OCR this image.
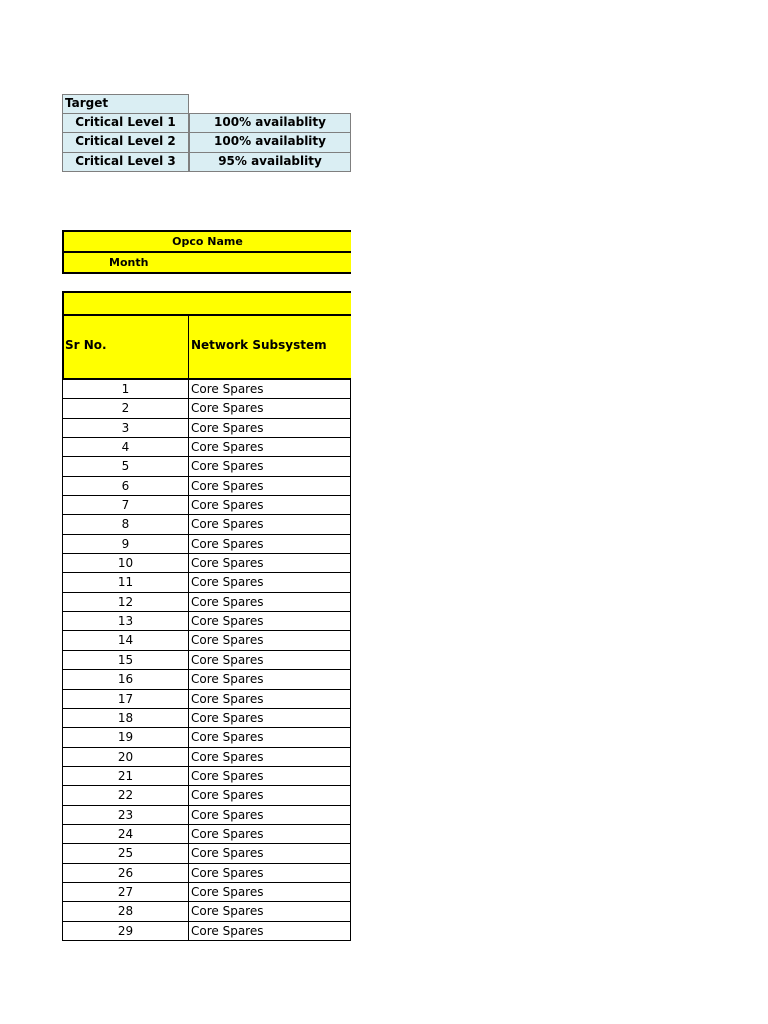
Target
Critical Level 1	100% availablity
Critical Level 2	100% availablity
Critical Level 3	95% availablity
Opco Name
Month
Sr No.	Network Subsystem
1	Core Spares
2	Core Spares
3	Core Spares
4	Core Spares
5	Core Spares
6	Core Spares
7	Core Spares
8	Core Spares
9	Core Spares
10	Core Spares
11	Core Spares
12	Core Spares
13	Core Spares
14	Core Spares
15	Core Spares
16	Core Spares
17	Core Spares
18	Core Spares
19	Core Spares
20	Core Spares
21	Core Spares
22	Core Spares
23	Core Spares
24	Core Spares
25	Core Spares
26	Core Spares
27	Core Spares
28	Core Spares
29	Core Spares
